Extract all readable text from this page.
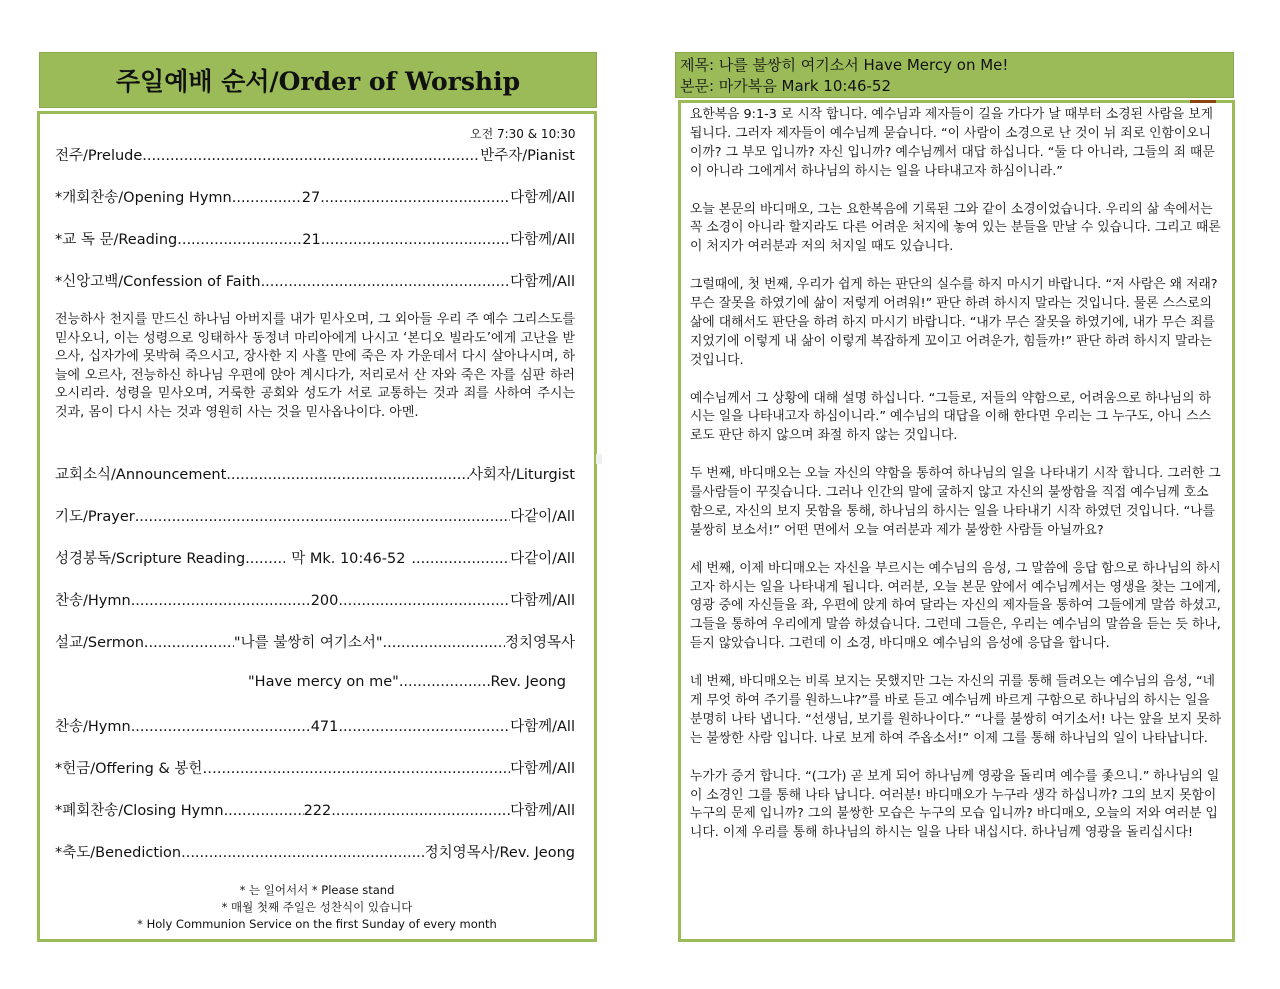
주일예배 순서/Order of Worship
오전 7:30 & 10:30
전주/Prelude .....	반주자/Pianist
*개회찬송/Opening Hymn .....	27 .....	다함께/All
*교 독 문/Reading .....	21 .....	다함께/All
*신앙고백/Confession of Faith .....	다함께/All
전능하사 천지를 만드신 하나님 아버지를 내가 믿사오며, 그 외아들 우리 주 예수 그리스도를 믿사오니, 이는 성령으로 잉태하사 동정녀 마리아에게 나시고 ‘본디오 빌라도’에게 고난을 받으사, 십자가에 못박혀 죽으시고, 장사한 지 사흘 만에 죽은 자 가운데서 다시 살아나시며, 하늘에 오르사, 전능하신 하나님 우편에 앉아 계시다가, 저리로서 산 자와 죽은 자를 심판 하러 오시리라. 성령을 믿사오며, 거룩한 공회와 성도가 서로 교통하는 것과 죄를 사하여 주시는 것과, 몸이 다시 사는 것과 영원히 사는 것을 믿사옵나이다. 아멘.
교회소식/Announcement .....	사회자/Liturgist
기도/Prayer .....	다같이/All
성경봉독/Scripture Reading .....	막 Mk. 10:46-52 .....	다같이/All
찬송/Hymn .....	200 .....	다함께/All
설교/Sermon .....	"나를 불쌍히 여기소서" .....	정치영목사
"Have mercy on me" .....	Rev. Jeong
찬송/Hymn .....	471 .....	다함께/All
*헌금/Offering & 봉헌… .....	다함께/All
*폐회찬송/Closing Hymn .....	222 .....	다함께/All
*축도/Benediction .....	정치영목사/Rev. Jeong
* 는 일어서서 * Please stand
* 매월 첫째 주일은 성찬식이 있습니다
* Holy Communion Service on the first Sunday of every month
제목: 나를 불쌍히 여기소서 Have Mercy on Me!
본문: 마가복음 Mark 10:46-52

요한복음 9:1-3 로 시작 합니다. 예수님과 제자들이 길을 가다가 날 때부터 소경된 사람을 보게 됩니다. 그러자 제자들이 예수님께 묻습니다. “이 사람이 소경으로 난 것이 뉘 죄로 인함이오니이까? 그 부모 입니까? 자신 입니까? 예수님께서 대답 하십니다. “둘 다 아니라, 그들의 죄 때문이 아니라 그에게서 하나님의 하시는 일을 나타내고자 하심이니라.”

오늘 본문의 바디매오, 그는 요한복음에 기록된 그와 같이 소경이었습니다. 우리의 삶 속에서는 꼭 소경이 아니라 할지라도 다른 어려운 처지에 놓여 있는 분들을 만날 수 있습니다. 그리고 때론 이 처지가 여러분과 저의 처지일 때도 있습니다.

그럴때에, 첫 번째, 우리가 쉽게 하는 판단의 실수를 하지 마시기 바랍니다. “저 사람은 왜 저래? 무슨 잘못을 하였기에 삶이 저렇게 어려워!” 판단 하려 하시지 말라는 것입니다. 물론 스스로의 삶에 대해서도 판단을 하려 하지 마시기 바랍니다. “내가 무슨 잘못을 하였기에, 내가 무슨 죄를 지었기에 이렇게 내 삶이 이렇게 복잡하게 꼬이고 어려운가, 힘들까!” 판단 하려 하시지 말라는 것입니다.

예수님께서 그 상황에 대해 설명 하십니다. “그들로, 저들의 약함으로, 어려움으로 하나님의 하시는 일을 나타내고자 하심이니라.” 예수님의 대답을 이해 한다면 우리는 그 누구도, 아니 스스로도 판단 하지 않으며 좌절 하지 않는 것입니다.

두 번째, 바디매오는 오늘 자신의 약함을 통하여 하나님의 일을 나타내기 시작 합니다. 그러한 그를사람들이 꾸짖습니다. 그러나 인간의 말에 굴하지 않고 자신의 불쌍함을 직접 예수님께 호소 함으로, 자신의 보지 못함을 통해, 하나님의 하시는 일을 나타내기 시작 하였던 것입니다. “나를 불쌍히 보소서!” 어떤 면에서 오늘 여러분과 제가 불쌍한 사람들 아닐까요?

세 번째, 이제 바디매오는 자신을 부르시는 예수님의 음성, 그 말씀에 응답 함으로 하나님의 하시고자 하시는 일을 나타내게 됩니다. 여러분, 오늘 본문 앞에서 예수님께서는 영생을 찾는 그에게, 영광 중에 자신들을 좌, 우편에 앉게 하여 달라는 자신의 제자들을 통하여 그들에게 말씀 하셨고, 그들을 통하여 우리에게 말씀 하셨습니다. 그런데 그들은, 우리는 예수님의 말씀을 듣는 듯 하나, 듣지 않았습니다. 그런데 이 소경, 바디매오 예수님의 음성에 응답을 합니다.

네 번째, 바디매오는 비록 보지는 못했지만 그는 자신의 귀를 통해 들려오는 예수님의 음성, “네게 무엇 하여 주기를 원하느냐?”를 바로 듣고 예수님께 바르게 구함으로 하나님의 하시는 일을 분명히 나타 냅니다. “선생님, 보기를 원하나이다.” “나를 불쌍히 여기소서! 나는 앞을 보지 못하는 불쌍한 사람 입니다. 나로 보게 하여 주옵소서!” 이제 그를 통해 하나님의 일이 나타납니다.

누가가 증거 합니다. “(그가) 곧 보게 되어 하나님께 영광을 돌리며 예수를 좇으니.” 하나님의 일이 소경인 그를 통해 나타 납니다. 여러분! 바디매오가 누구라 생각 하십니까? 그의 보지 못함이 누구의 문제 입니까? 그의 불쌍한 모습은 누구의 모습 입니까? 바디매오, 오늘의 저와 여러분 입니다. 이제 우리를 통해 하나님의 하시는 일을 나타 내십시다. 하나님께 영광을 돌리십시다!
